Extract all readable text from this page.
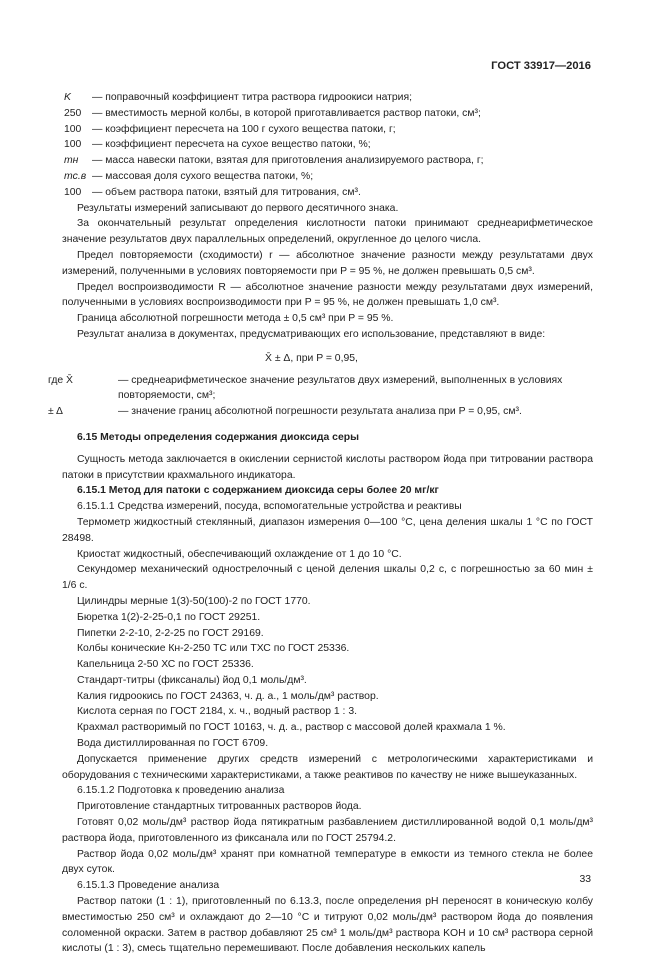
ГОСТ 33917—2016
K	— поправочный коэффициент титра раствора гидроокиси натрия;
250	— вместимость мерной колбы, в которой приготавливается раствор патоки, см³;
100	— коэффициент пересчета на 100 г сухого вещества патоки, г;
100	— коэффициент пересчета на сухое вещество патоки, %;
mн	— масса навески патоки, взятая для приготовления анализируемого раствора, г;
mс.в — массовая доля сухого вещества патоки, %;
100	— объем раствора патоки, взятый для титрования, см³.
Результаты измерений записывают до первого десятичного знака.
За окончательный результат определения кислотности патоки принимают среднеарифметическое значение результатов двух параллельных определений, округленное до целого числа.
Предел повторяемости (сходимости) r — абсолютное значение разности между результатами двух измерений, полученными в условиях повторяемости при P = 95 %, не должен превышать 0,5 см³.
Предел воспроизводимости R — абсолютное значение разности между результатами двух измерений, полученными в условиях воспроизводимости при P = 95 %, не должен превышать 1,0 см³.
Граница абсолютной погрешности метода ± 0,5 см³ при P = 95 %.
Результат анализа в документах, предусматривающих его использование, представляют в виде:
X̄ ± Δ, при P = 0,95,
где X̄	— среднеарифметическое значение результатов двух измерений, выполненных в условиях повторяемости, см³;
± Δ	— значение границ абсолютной погрешности результата анализа при P = 0,95, см³.
6.15 Методы определения содержания диоксида серы
Сущность метода заключается в окислении сернистой кислоты раствором йода при титровании раствора патоки в присутствии крахмального индикатора.
6.15.1 Метод для патоки с содержанием диоксида серы более 20 мг/кг
6.15.1.1 Средства измерений, посуда, вспомогательные устройства и реактивы
Термометр жидкостный стеклянный, диапазон измерения 0—100 °С, цена деления шкалы 1 °С по ГОСТ 28498.
Криостат жидкостный, обеспечивающий охлаждение от 1 до 10 °С.
Секундомер механический однострелочный с ценой деления шкалы 0,2 с, с погрешностью за 60 мин ± 1/6 с.
Цилиндры мерные 1(3)-50(100)-2 по ГОСТ 1770.
Бюретка 1(2)-2-25-0,1 по ГОСТ 29251.
Пипетки 2-2-10, 2-2-25 по ГОСТ 29169.
Колбы конические Кн-2-250 ТС или ТХС по ГОСТ 25336.
Капельница 2-50 ХС по ГОСТ 25336.
Стандарт-титры (фиксаналы) йод 0,1 моль/дм³.
Калия гидроокись по ГОСТ 24363, ч. д. а., 1 моль/дм³ раствор.
Кислота серная по ГОСТ 2184, х. ч., водный раствор 1 : 3.
Крахмал растворимый по ГОСТ 10163, ч. д. а., раствор с массовой долей крахмала 1 %.
Вода дистиллированная по ГОСТ 6709.
Допускается применение других средств измерений с метрологическими характеристиками и оборудования с техническими характеристиками, а также реактивов по качеству не ниже вышеуказанных.
6.15.1.2 Подготовка к проведению анализа
Приготовление стандартных титрованных растворов йода.
Готовят 0,02 моль/дм³ раствор йода пятикратным разбавлением дистиллированной водой 0,1 моль/дм³ раствора йода, приготовленного из фиксанала или по ГОСТ 25794.2.
Раствор йода 0,02 моль/дм³ хранят при комнатной температуре в емкости из темного стекла не более двух суток.
6.15.1.3 Проведение анализа
Раствор патоки (1 : 1), приготовленный по 6.13.3, после определения pH переносят в коническую колбу вместимостью 250 см³ и охлаждают до 2—10 °С и титруют 0,02 моль/дм³ раствором йода до появления соломенной окраски. Затем в раствор добавляют 25 см³ 1 моль/дм³ раствора KOH и 10 см³ раствора серной кислоты (1 : 3), смесь тщательно перемешивают. После добавления нескольких капель
33
